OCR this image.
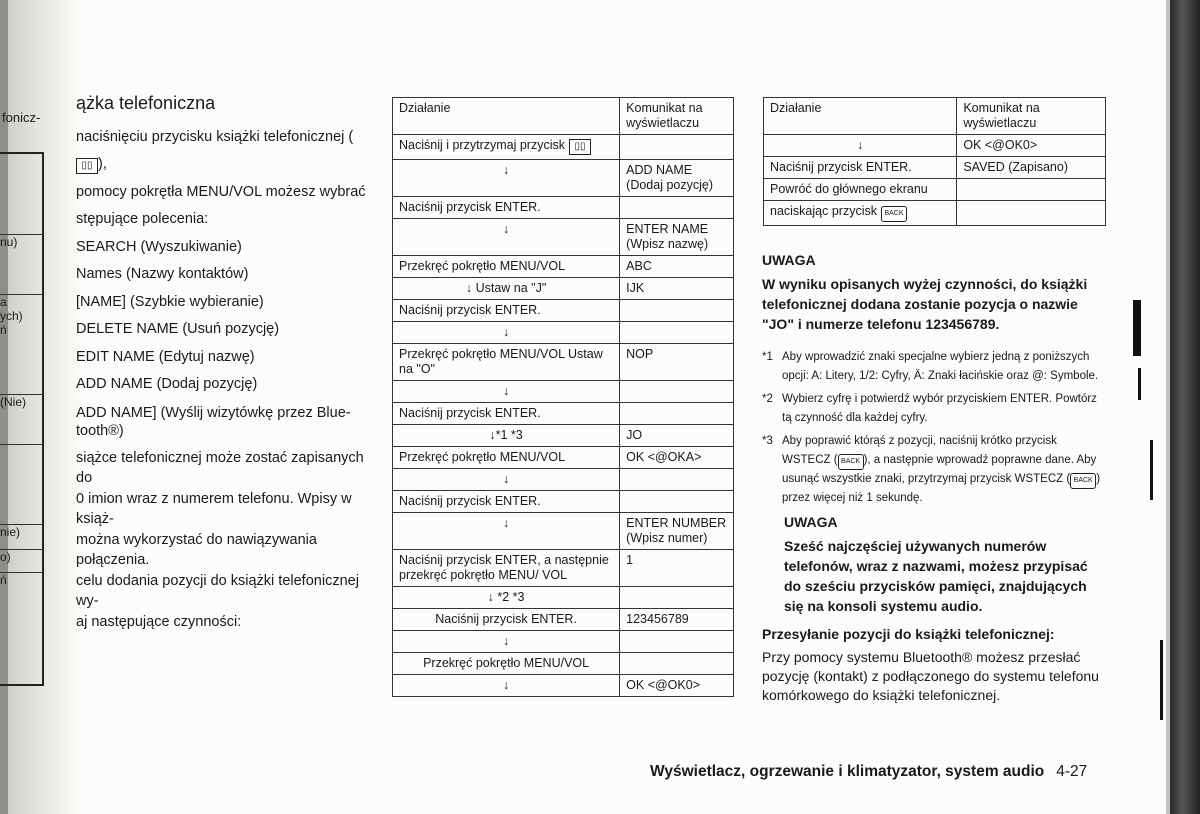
fonicz-
nu)
a
ych)
ń
(Nie)
nie)
o)
ń
ążka telefoniczna
naciśnięciu przycisku książki telefonicznej (▯▯ ),
pomocy pokrętła MENU/VOL możesz wybrać
stępujące polecenia:
SEARCH (Wyszukiwanie)
Names (Nazwy kontaktów)
[NAME] (Szybkie wybieranie)
DELETE NAME (Usuń pozycję)
EDIT NAME (Edytuj nazwę)
ADD NAME (Dodaj pozycję)
ADD NAME] (Wyślij wizytówkę przez Blue-
tooth®)
siążce telefonicznej może zostać zapisanych do
0 imion wraz z numerem telefonu. Wpisy w książ-
można wykorzystać do nawiązywania połączenia.
celu dodania pozycji do książki telefonicznej wy-
aj następujące czynności:
Działanie	Komunikat na wyświetlaczu
Naciśnij i przytrzymaj przycisk ▯▯	
↓	ADD NAME (Dodaj pozycję)
Naciśnij przycisk ENTER.	
↓	ENTER NAME (Wpisz nazwę)
Przekręć pokrętło MENU/VOL	ABC
↓ Ustaw na "J"	IJK
Naciśnij przycisk ENTER.	
↓	
Przekręć pokrętło MENU/VOL Ustaw na "O"	NOP
↓	
Naciśnij przycisk ENTER.	
↓*1 *3	JO
Przekręć pokrętło MENU/VOL	OK <@OKA>
↓	
Naciśnij przycisk ENTER.	
↓	ENTER NUMBER (Wpisz numer)
Naciśnij przycisk ENTER, a następnie przekręć pokrętło MENU/ VOL	1
↓ *2 *3	
Naciśnij przycisk ENTER.	123456789
↓	
Przekręć pokrętło MENU/VOL	
↓	OK <@OK0>
Działanie	Komunikat na wyświetlaczu
↓	OK <@OK0>
Naciśnij przycisk ENTER.	SAVED (Zapisano)
Powróć do głównego ekranu	
naciskając przycisk BACK	
UWAGA
W wyniku opisanych wyżej czynności, do książki telefonicznej dodana zostanie pozycja o nazwie "JO" i numerze telefonu 123456789.
*1 Aby wprowadzić znaki specjalne wybierz jedną z poniższych opcji: A: Litery, 1/2: Cyfry, Ä: Znaki łacińskie oraz @: Symbole.
*2 Wybierz cyfrę i potwierdź wybór przyciskiem ENTER. Powtórz tą czynność dla każdej cyfry.
*3 Aby poprawić którąś z pozycji, naciśnij krótko przycisk WSTECZ ( BACK ), a następnie wprowadź poprawne dane. Aby usunąć wszystkie znaki, przytrzymaj przycisk WSTECZ ( BACK ) przez więcej niż 1 sekundę.
UWAGA
Sześć najczęściej używanych numerów telefonów, wraz z nazwami, możesz przypisać do sześciu przycisków pamięci, znajdujących się na konsoli systemu audio.
Przesyłanie pozycji do książki telefonicznej:
Przy pomocy systemu Bluetooth® możesz przesłać pozycję (kontakt) z podłączonego do systemu telefonu komórkowego do książki telefonicznej.
Wyświetlacz, ogrzewanie i klimatyzator, system audio 4-27
